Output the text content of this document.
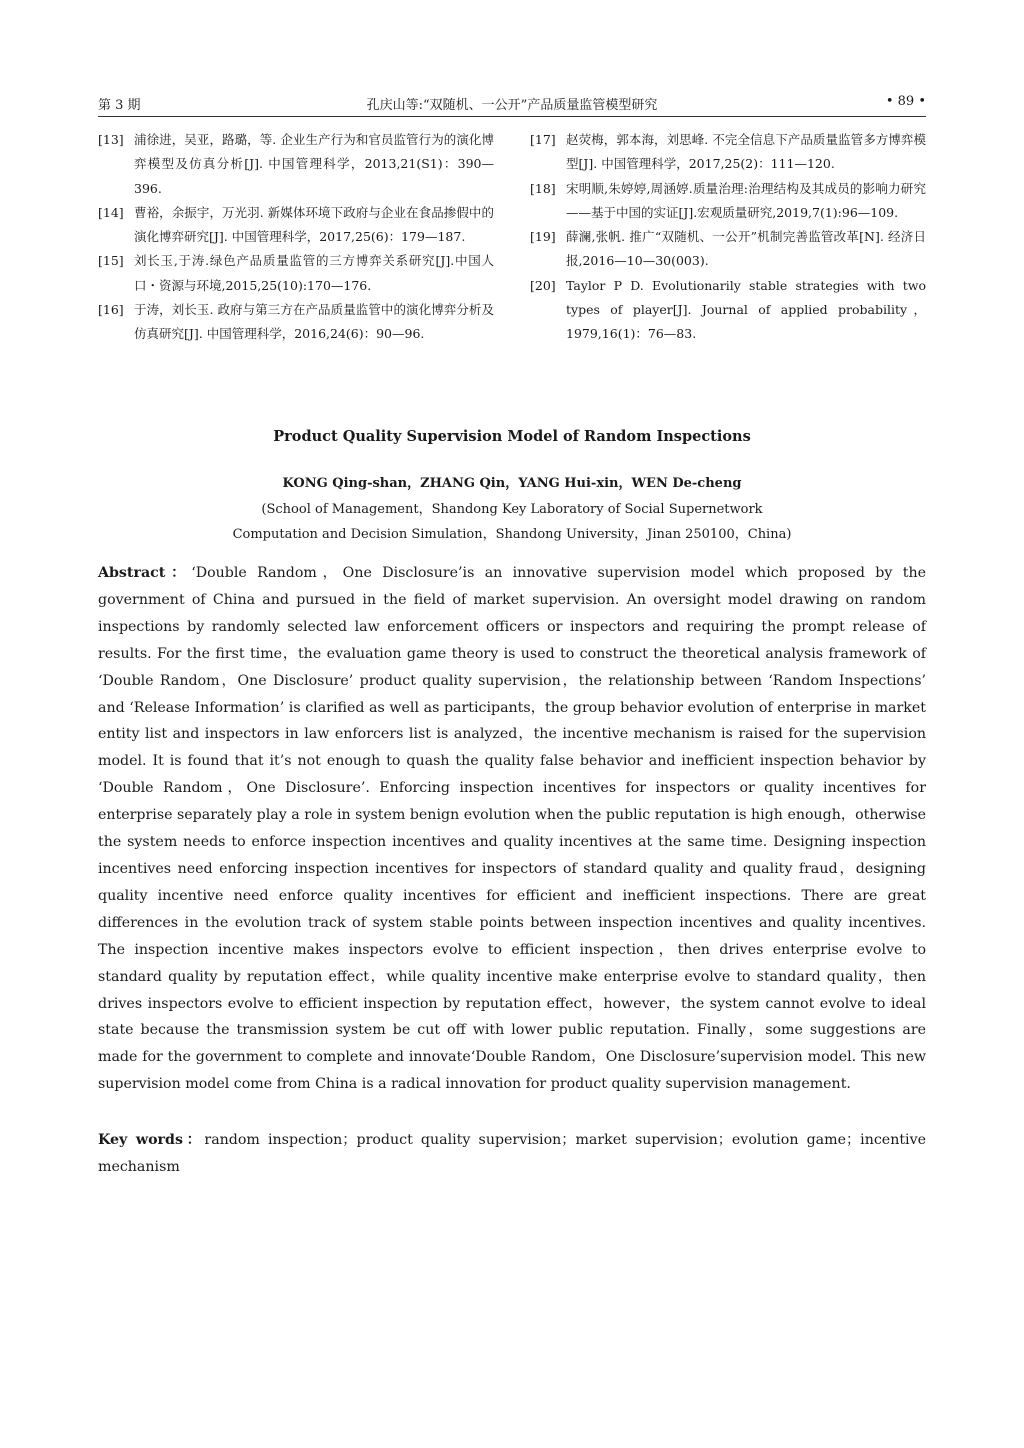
第 3 期	孔庆山等:“双随机、一公开”产品质量监管模型研究	• 89 •
[13] 浦徐进，吴亚，路璐，等. 企业生产行为和官员监管行为的演化博弈模型及仿真分析[J]. 中国管理科学，2013,21(S1)：390—396.
[14] 曹裕，余振宇，万光羽. 新媒体环境下政府与企业在食品掺假中的演化博弈研究[J]. 中国管理科学，2017,25(6)：179—187.
[15] 刘长玉,于涛.绿色产品质量监管的三方博弈关系研究[J].中国人口・资源与环境,2015,25(10):170—176.
[16] 于涛，刘长玉. 政府与第三方在产品质量监管中的演化博弈分析及仿真研究[J]. 中国管理科学，2016,24(6)：90—96.
[17] 赵荧梅，郭本海，刘思峰. 不完全信息下产品质量监管多方博弈模型[J]. 中国管理科学，2017,25(2)：111—120.
[18] 宋明顺,朱婷婷,周涵婷.质量治理:治理结构及其成员的影响力研究——基于中国的实证[J].宏观质量研究,2019,7(1):96—109.
[19] 薛澜,张帆. 推广“双随机、一公开”机制完善监管改革[N]. 经济日报,2016—10—30(003).
[20] Taylor P D. Evolutionarily stable strategies with two types of player[J]. Journal of applied probability，1979,16(1)：76—83.
Product Quality Supervision Model of Random Inspections
KONG Qing-shan，ZHANG Qin，YANG Hui-xin，WEN De-cheng
(School of Management，Shandong Key Laboratory of Social Supernetwork
Computation and Decision Simulation，Shandong University，Jinan 250100，China)
Abstract：‘Double Random，One Disclosure’is an innovative supervision model which proposed by the government of China and pursued in the field of market supervision. An oversight model drawing on random inspections by randomly selected law enforcement officers or inspectors and requiring the prompt release of results. For the first time，the evaluation game theory is used to construct the theoretical analysis framework of ‘Double Random，One Disclosure’ product quality supervision，the relationship between ‘Random Inspections’ and ‘Release Information’ is clarified as well as participants，the group behavior evolution of enterprise in market entity list and inspectors in law enforcers list is analyzed，the incentive mechanism is raised for the supervision model. It is found that it’s not enough to quash the quality false behavior and inefficient inspection behavior by ‘Double Random，One Disclosure’. Enforcing inspection incentives for inspectors or quality incentives for enterprise separately play a role in system benign evolution when the public reputation is high enough，otherwise the system needs to enforce inspection incentives and quality incentives at the same time. Designing inspection incentives need enforcing inspection incentives for inspectors of standard quality and quality fraud，designing quality incentive need enforce quality incentives for efficient and inefficient inspections. There are great differences in the evolution track of system stable points between inspection incentives and quality incentives. The inspection incentive makes inspectors evolve to efficient inspection，then drives enterprise evolve to standard quality by reputation effect，while quality incentive make enterprise evolve to standard quality，then drives inspectors evolve to efficient inspection by reputation effect，however，the system cannot evolve to ideal state because the transmission system be cut off with lower public reputation. Finally，some suggestions are made for the government to complete and innovate‘Double Random，One Disclosure’supervision model. This new supervision model come from China is a radical innovation for product quality supervision management.
Key words：random inspection；product quality supervision；market supervision；evolution game；incentive mechanism
